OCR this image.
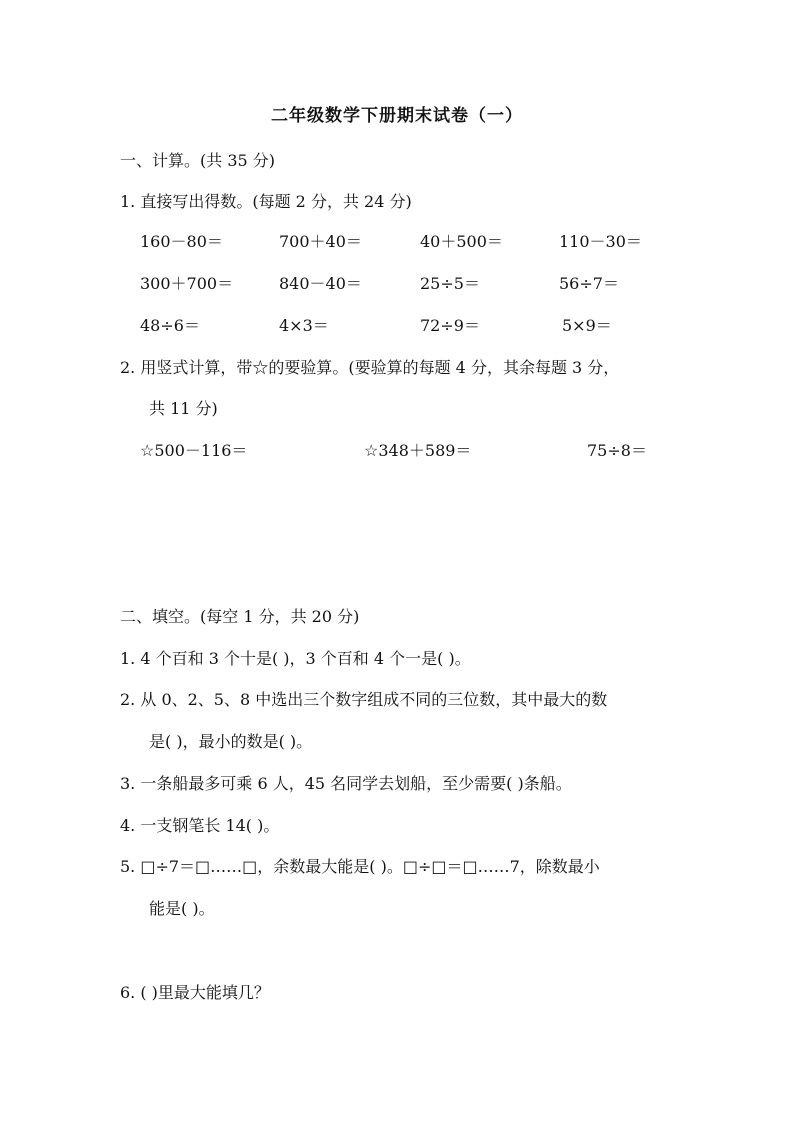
二年级数学下册期末试卷（一）
一、计算。(共 35 分)
1. 直接写出得数。(每题 2 分，共 24 分)
160－80＝	700＋40＝	40＋500＝	110－30＝
300＋700＝	840－40＝	25÷5＝	56÷7＝
48÷6＝	4×3＝	72÷9＝	5×9＝
2. 用竖式计算，带☆的要验算。(要验算的每题 4 分，其余每题 3 分，
共 11 分)
☆500－116＝	☆348＋589＝	75÷8＝
二、填空。(每空 1 分，共 20 分)
1. 4 个百和 3 个十是( )，3 个百和 4 个一是( )。
2. 从 0、2、5、8 中选出三个数字组成不同的三位数，其中最大的数
是( )，最小的数是( )。
3. 一条船最多可乘 6 人，45 名同学去划船，至少需要( )条船。
4. 一支钢笔长 14( )。
5. □÷7＝□……□，余数最大能是( )。□÷□＝□……7，除数最小
能是( )。
6. ( )里最大能填几？
